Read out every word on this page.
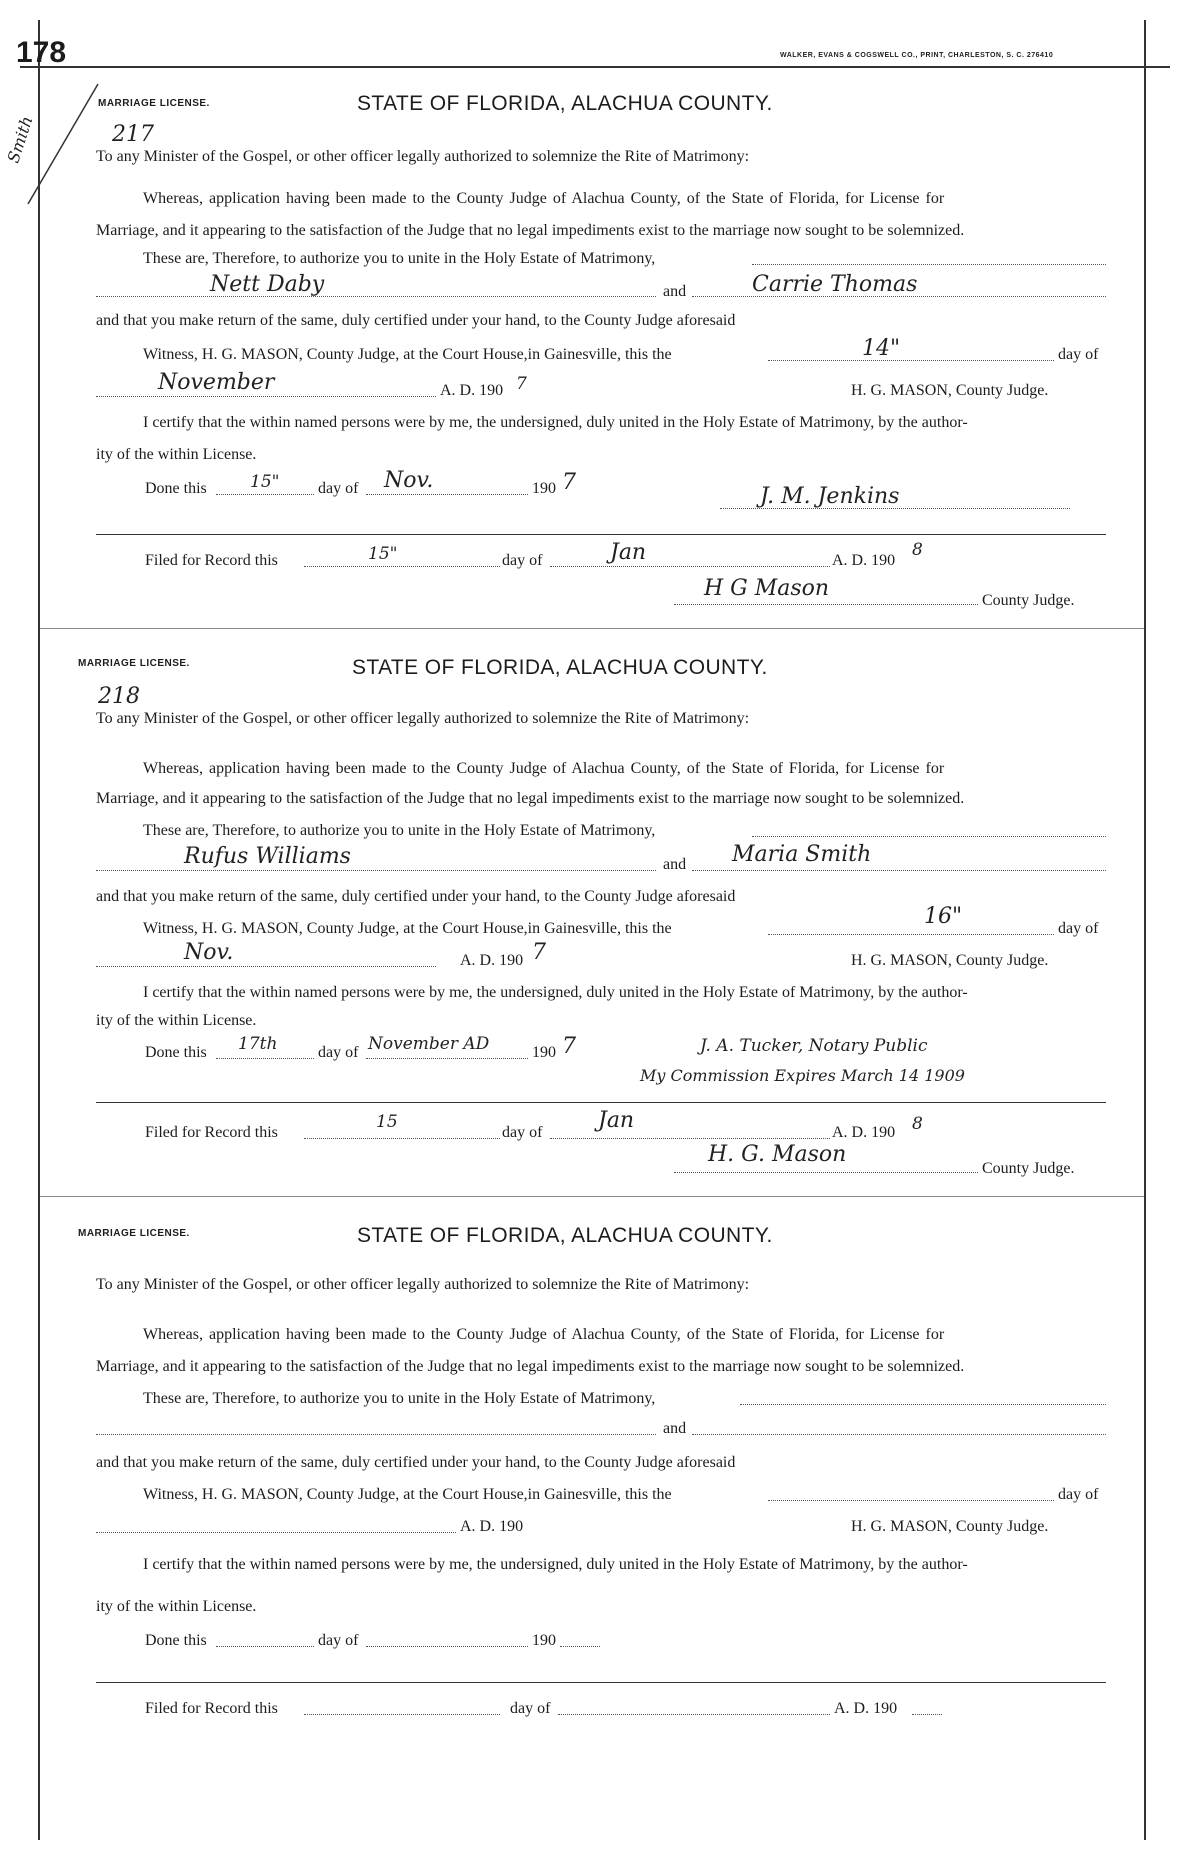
178	WALKER, EVANS & COGSWELL CO., PRINT, CHARLESTON, S. C. 276410
Smith
MARRIAGE LICENSE.	STATE OF FLORIDA, ALACHUA COUNTY.
217
To any Minister of the Gospel, or other officer legally authorized to solemnize the Rite of Matrimony:
Whereas, application having been made to the County Judge of Alachua County, of the State of Florida, for License for
Marriage, and it appearing to the satisfaction of the Judge that no legal impediments exist to the marriage now sought to be solemnized.
These are, Therefore, to authorize you to unite in the Holy Estate of Matrimony,
Nett Daby	and	Carrie Thomas
and that you make return of the same, duly certified under your hand, to the County Judge aforesaid
Witness, H. G. MASON, County Judge, at the Court House,in Gainesville, this the	14"	day of
November	A. D. 190 7	H. G. MASON, County Judge.
I certify that the within named persons were by me, the undersigned, duly united in the Holy Estate of Matrimony, by the author-
ity of the within License.
Done this	15" day of Nov.	190 7
J. M. Jenkins
Filed for Record this	15"	day of	Jan	A. D. 190
8
H G Mason	County Judge.
MARRIAGE LICENSE.	STATE OF FLORIDA, ALACHUA COUNTY.
218
To any Minister of the Gospel, or other officer legally authorized to solemnize the Rite of Matrimony:
Whereas, application having been made to the County Judge of Alachua County, of the State of Florida, for License for
Marriage, and it appearing to the satisfaction of the Judge that no legal impediments exist to the marriage now sought to be solemnized.
These are, Therefore, to authorize you to unite in the Holy Estate of Matrimony,
Rufus Williams	and Maria Smith
and that you make return of the same, duly certified under your hand, to the County Judge aforesaid
Witness, H. G. MASON, County Judge, at the Court House,in Gainesville, this the	16"	day of
Nov.	A. D. 190 7	H. G. MASON, County Judge.
I certify that the within named persons were by me, the undersigned, duly united in the Holy Estate of Matrimony, by the author-
ity of the within License.
Done this 17th	day of November AD	190 7	J. A. Tucker, Notary Public
My Commission Expires March 14 1909
Filed for Record this
15
day of	Jan	A. D. 190 8
H. G. Mason
County Judge.
MARRIAGE LICENSE.	STATE OF FLORIDA, ALACHUA COUNTY.
To any Minister of the Gospel, or other officer legally authorized to solemnize the Rite of Matrimony:
Whereas, application having been made to the County Judge of Alachua County, of the State of Florida, for License for
Marriage, and it appearing to the satisfaction of the Judge that no legal impediments exist to the marriage now sought to be solemnized.
These are, Therefore, to authorize you to unite in the Holy Estate of Matrimony,
and
and that you make return of the same, duly certified under your hand, to the County Judge aforesaid
Witness, H. G. MASON, County Judge, at the Court House,in Gainesville, this the	day of
A. D. 190	H. G. MASON, County Judge.
I certify that the within named persons were by me, the undersigned, duly united in the Holy Estate of Matrimony, by the author-
ity of the within License.
Done this	day of	190
Filed for Record this	day of	A. D. 190
